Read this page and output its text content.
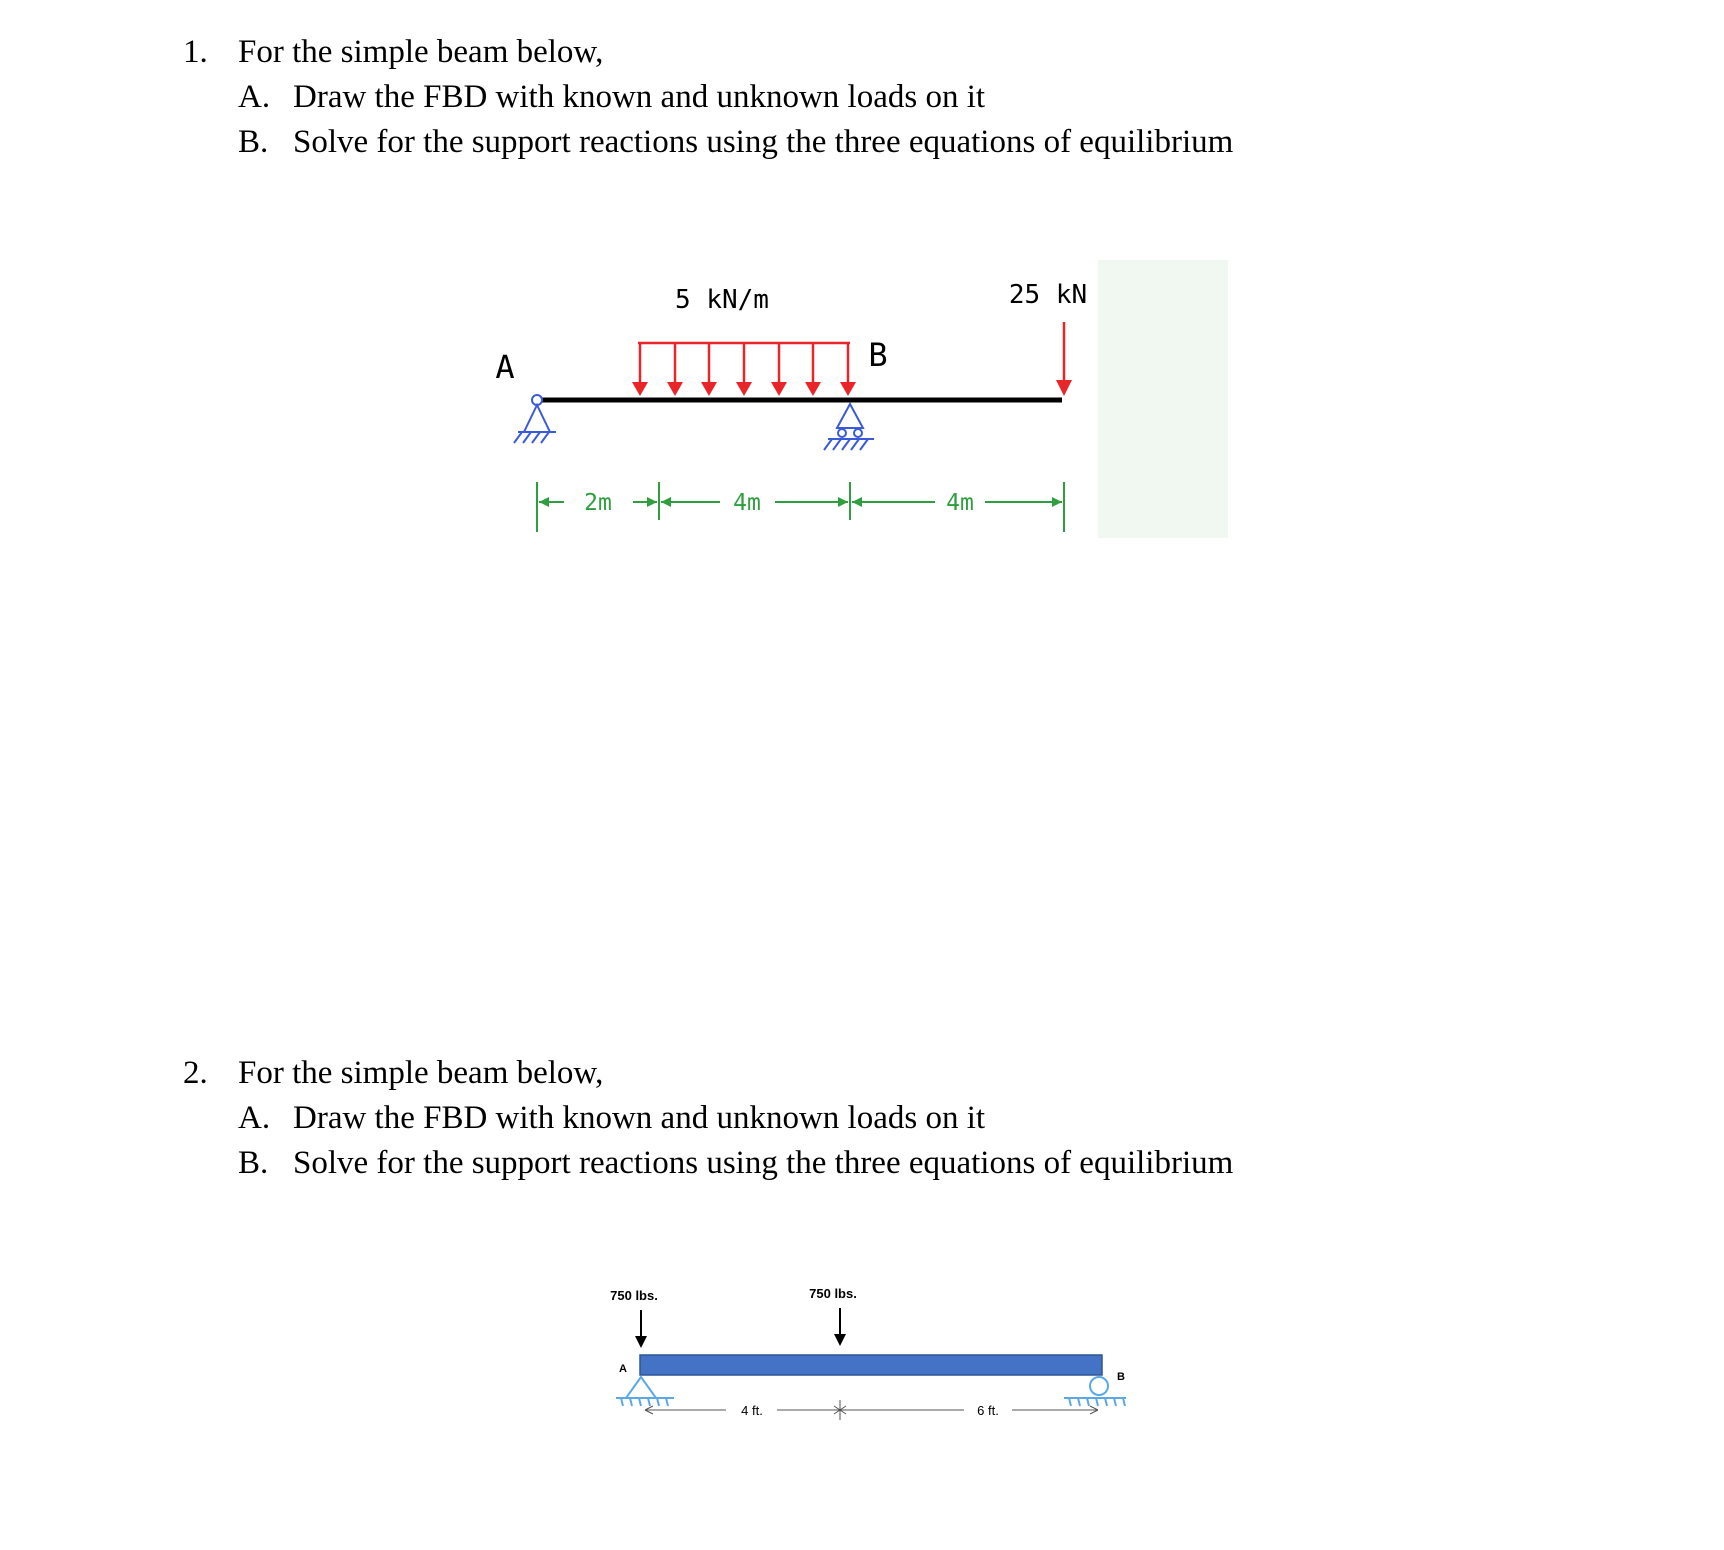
1. For the simple beam below,
A. Draw the FBD with known and unknown loads on it
B. Solve for the support reactions using the three equations of equilibrium
5 kN/m	25 kN
A	B
2m	4m	4m
2. For the simple beam below,
A. Draw the FBD with known and unknown loads on it
B. Solve for the support reactions using the three equations of equilibrium
750 lbs.	750 lbs.
A
B
4 ft.	6 ft.
